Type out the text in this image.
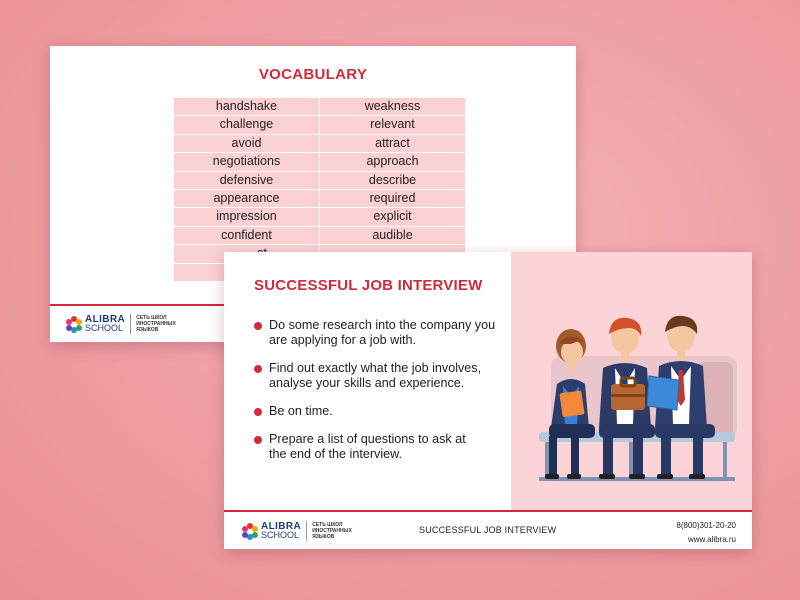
VOCABULARY
handshake	weakness
challenge	relevant
avoid	attract
negotiations	approach
defensive	describe
appearance	required
impression	explicit
confident	audible
ALIBRA
SCHOOL
СЕТЬ ШКОЛ ИНОСТРАННЫХ ЯЗЫКОВ
SUCCESSFUL JOB INTERVIEW
Do some research into the company you are applying for a job with.
Find out exactly what the job involves, analyse your skills and experience.
Be on time.
Prepare a list of questions to ask at the end of the interview.
ALIBRA
SCHOOL
СЕТЬ ШКОЛ ИНОСТРАННЫХ ЯЗЫКОВ
SUCCESSFUL JOB INTERVIEW	8(800)301-20-20
www.alibra.ru
